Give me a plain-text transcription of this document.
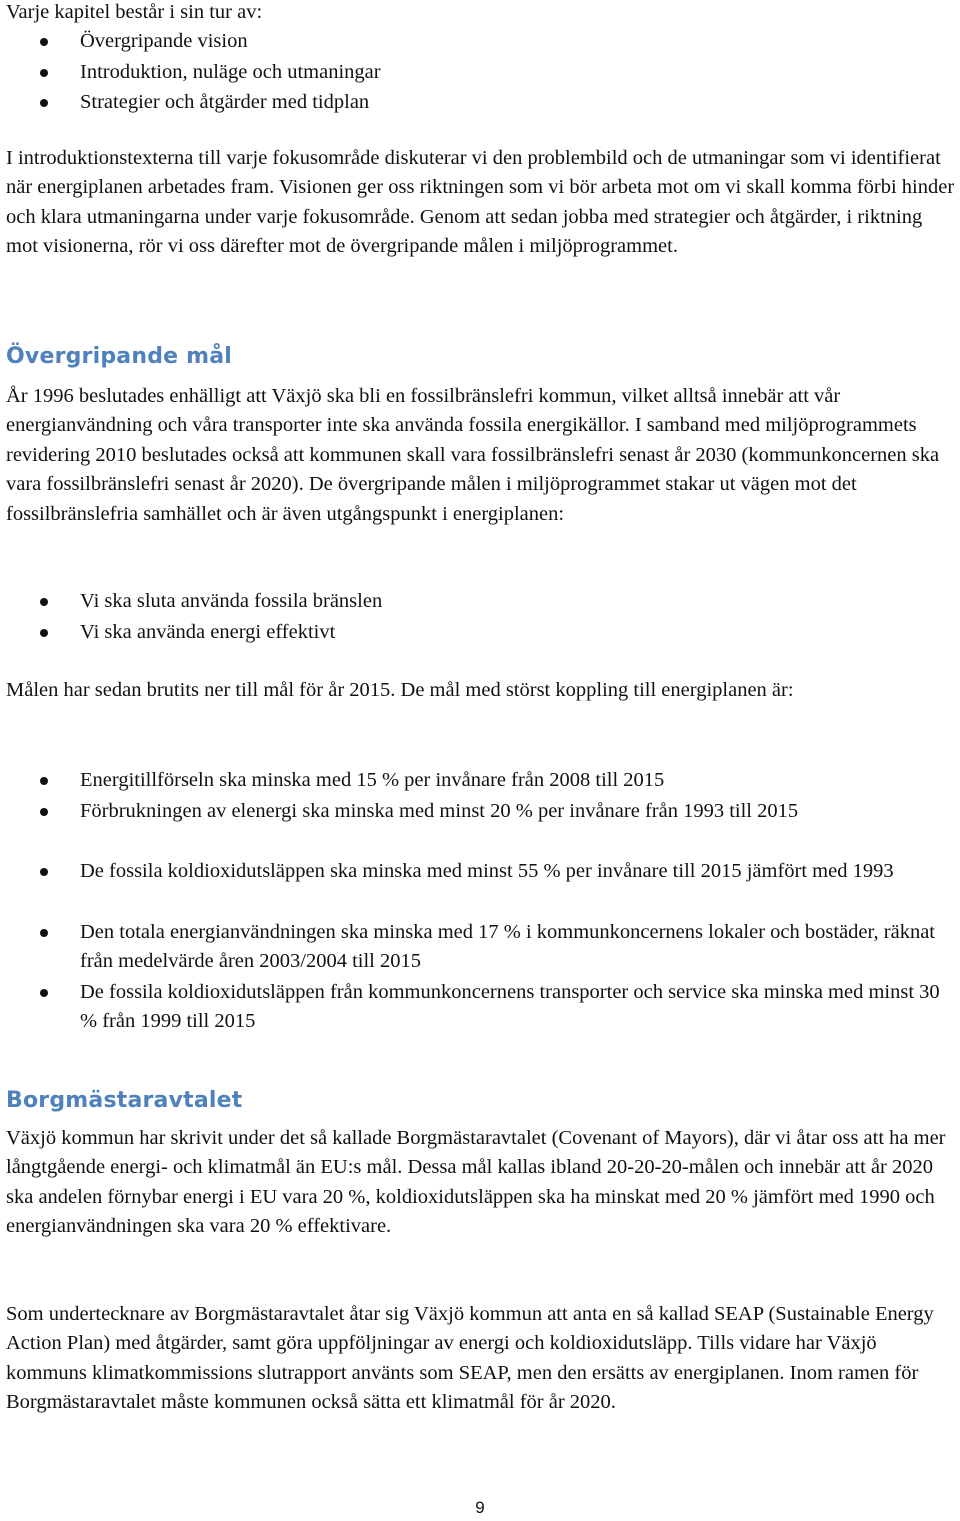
Varje kapitel består i sin tur av:

Övergripande vision
Introduktion, nuläge och utmaningar
Strategier och åtgärder med tidplan

I introduktionstexterna till varje fokusområde diskuterar vi den problembild och de utmaningar som vi identifierat när energiplanen arbetades fram. Visionen ger oss riktningen som vi bör arbeta mot om vi skall komma förbi hinder och klara utmaningarna under varje fokusområde. Genom att sedan jobba med strategier och åtgärder, i riktning mot visionerna, rör vi oss därefter mot de övergripande målen i miljöprogrammet.

Övergripande mål

År 1996 beslutades enhälligt att Växjö ska bli en fossilbränslefri kommun, vilket alltså innebär att vår energianvändning och våra transporter inte ska använda fossila energikällor. I samband med miljöprogrammets revidering 2010 beslutades också att kommunen skall vara fossilbränslefri senast år 2030 (kommunkoncernen ska vara fossilbränslefri senast år 2020). De övergripande målen i miljöprogrammet stakar ut vägen mot det fossilbränslefria samhället och är även utgångspunkt i energiplanen:

Vi ska sluta använda fossila bränslen
Vi ska använda energi effektivt

Målen har sedan brutits ner till mål för år 2015. De mål med störst koppling till energiplanen är:

Energitillförseln ska minska med 15 % per invånare från 2008 till 2015
Förbrukningen av elenergi ska minska med minst 20 % per invånare från 1993 till 2015
De fossila koldioxidutsläppen ska minska med minst 55 % per invånare till 2015 jämfört med 1993
Den totala energianvändningen ska minska med 17 % i kommunkoncernens lokaler och bostäder, räknat från medelvärde åren 2003/2004 till 2015
De fossila koldioxidutsläppen från kommunkoncernens transporter och service ska minska med minst 30 % från 1999 till 2015
Borgmästaravtalet

Växjö kommun har skrivit under det så kallade Borgmästaravtalet (Covenant of Mayors), där vi åtar oss att ha mer långtgående energi- och klimatmål än EU:s mål. Dessa mål kallas ibland 20-20-20-målen och innebär att år 2020 ska andelen förnybar energi i EU vara 20 %, koldioxidutsläppen ska ha minskat med 20 % jämfört med 1990 och energianvändningen ska vara 20 % effektivare.

Som undertecknare av Borgmästaravtalet åtar sig Växjö kommun att anta en så kallad SEAP (Sustainable Energy Action Plan) med åtgärder, samt göra uppföljningar av energi och koldioxidutsläpp. Tills vidare har Växjö kommuns klimatkommissions slutrapport använts som SEAP, men den ersätts av energiplanen. Inom ramen för Borgmästaravtalet måste kommunen också sätta ett klimatmål för år 2020.

9
